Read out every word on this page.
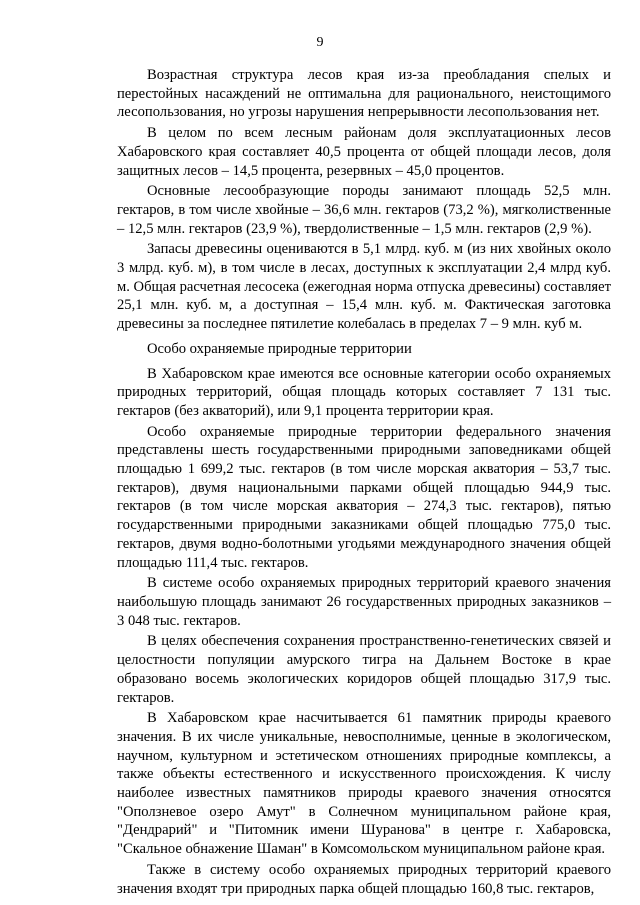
9

Возрастная структура лесов края из-за преобладания спелых и перестойных насаждений не оптимальна для рационального, неистощимого лесопользования, но угрозы нарушения непрерывности лесопользования нет.

В целом по всем лесным районам доля эксплуатационных лесов Хабаровского края составляет 40,5 процента от общей площади лесов, доля защитных лесов – 14,5 процента, резервных – 45,0 процентов.

Основные лесообразующие породы занимают площадь 52,5 млн. гектаров, в том числе хвойные – 36,6 млн. гектаров (73,2 %), мягколиственные – 12,5 млн. гектаров (23,9 %), твердолиственные – 1,5 млн. гектаров (2,9 %).

Запасы древесины оцениваются в 5,1 млрд. куб. м (из них хвойных около 3 млрд. куб. м), в том числе в лесах, доступных к эксплуатации 2,4 млрд куб. м. Общая расчетная лесосека (ежегодная норма отпуска древесины) составляет 25,1 млн. куб. м, а доступная – 15,4 млн. куб. м. Фактическая заготовка древесины за последнее пятилетие колебалась в пределах 7 – 9 млн. куб м.

Особо охраняемые природные территории

В Хабаровском крае имеются все основные категории особо охраняемых природных территорий, общая площадь которых составляет 7 131 тыс. гектаров (без акваторий), или 9,1 процента территории края.

Особо охраняемые природные территории федерального значения представлены шесть государственными природными заповедниками общей площадью 1 699,2 тыс. гектаров (в том числе морская акватория – 53,7 тыс. гектаров), двумя национальными парками общей площадью 944,9 тыс. гектаров (в том числе морская акватория – 274,3 тыс. гектаров), пятью государственными природными заказниками общей площадью 775,0 тыс. гектаров, двумя водно-болотными угодьями международного значения общей площадью 111,4 тыс. гектаров.

В системе особо охраняемых природных территорий краевого значения наибольшую площадь занимают 26 государственных природных заказников – 3 048 тыс. гектаров.

В целях обеспечения сохранения пространственно-генетических связей и целостности популяции амурского тигра на Дальнем Востоке в крае образовано восемь экологических коридоров общей площадью 317,9 тыс. гектаров.

В Хабаровском крае насчитывается 61 памятник природы краевого значения. В их числе уникальные, невосполнимые, ценные в экологическом, научном, культурном и эстетическом отношениях природные комплексы, а также объекты естественного и искусственного происхождения. К числу наиболее известных памятников природы краевого значения относятся "Оползневое озеро Амут" в Солнечном муниципальном районе края, "Дендрарий" и "Питомник имени Шуранова" в центре г. Хабаровска, "Скальное обнажение Шаман" в Комсомольском муниципальном районе края.

Также в систему особо охраняемых природных территорий краевого значения входят три природных парка общей площадью 160,8 тыс. гектаров,
